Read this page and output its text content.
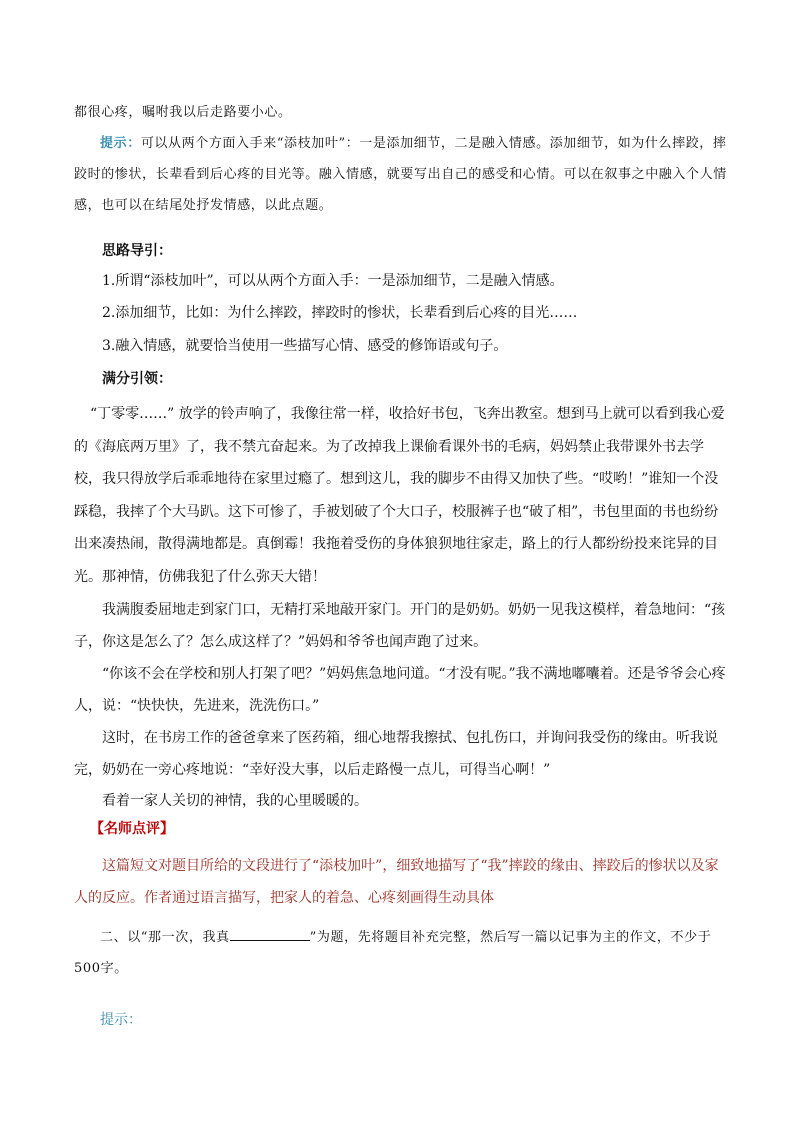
都很心疼，嘱咐我以后走路要小心。

提示：可以从两个方面入手来“添枝加叶”：一是添加细节，二是融入情感。添加细节，如为什么摔跤，摔跤时的惨状，长辈看到后心疼的目光等。融入情感，就要写出自己的感受和心情。可以在叙事之中融入个人情感，也可以在结尾处抒发情感，以此点题。

思路导引：

1.所谓“添枝加叶”，可以从两个方面入手：一是添加细节，二是融入情感。

2.添加细节，比如：为什么摔跤，摔跤时的惨状，长辈看到后心疼的目光……

3.融入情感，就要恰当使用一些描写心情、感受的修饰语或句子。

满分引领：

“丁零零……” 放学的铃声响了，我像往常一样，收拾好书包，飞奔出教室。想到马上就可以看到我心爱的《海底两万里》了，我不禁亢奋起来。为了改掉我上课偷看课外书的毛病，妈妈禁止我带课外书去学校，我只得放学后乖乖地待在家里过瘾了。想到这儿，我的脚步不由得又加快了些。“哎哟！”谁知一个没踩稳，我摔了个大马趴。这下可惨了，手被划破了个大口子，校服裤子也“破了相”，书包里面的书也纷纷出来凑热闹，散得满地都是。真倒霉！我拖着受伤的身体狼狈地往家走，路上的行人都纷纷投来诧异的目光。那神情，仿佛我犯了什么弥天大错！

我满腹委屈地走到家门口，无精打采地敲开家门。开门的是奶奶。奶奶一见我这模样，着急地问：“孩子，你这是怎么了？怎么成这样了？”妈妈和爷爷也闻声跑了过来。

“你该不会在学校和别人打架了吧？”妈妈焦急地问道。“才没有呢。”我不满地嘟囔着。还是爷爷会心疼人，说：“快快快，先进来，洗洗伤口。”

这时，在书房工作的爸爸拿来了医药箱，细心地帮我擦拭、包扎伤口，并询问我受伤的缘由。听我说完，奶奶在一旁心疼地说：“幸好没大事，以后走路慢一点儿，可得当心啊！”

看着一家人关切的神情，我的心里暖暖的。

【名师点评】

这篇短文对题目所给的文段进行了“添枝加叶”，细致地描写了“我”摔跤的缘由、摔跤后的惨状以及家人的反应。作者通过语言描写，把家人的着急、心疼刻画得生动具体

二、以“那一次，我真	”为题，先将题目补充完整，然后写一篇以记事为主的作文，不少于500字。

提示：
